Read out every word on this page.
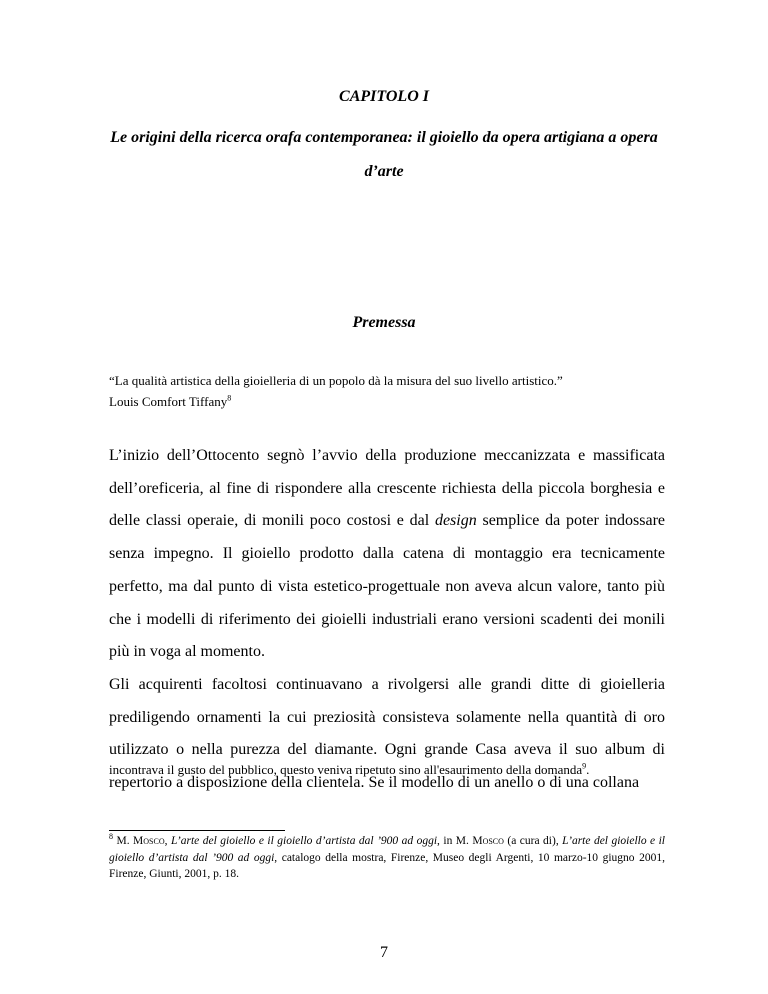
CAPITOLO I
Le origini della ricerca orafa contemporanea: il gioiello da opera artigiana a opera d’arte
Premessa
“La qualità artistica della gioielleria di un popolo dà la misura del suo livello artistico.”
Louis Comfort Tiffany$^8$

L’inizio dell’Ottocento segnò l’avvio della produzione meccanizzata e massificata dell’oreficeria, al fine di rispondere alla crescente richiesta della piccola borghesia e delle classi operaie, di monili poco costosi e dal design semplice da poter indossare senza impegno. Il gioiello prodotto dalla catena di montaggio era tecnicamente perfetto, ma dal punto di vista estetico-progettuale non aveva alcun valore, tanto più che i modelli di riferimento dei gioielli industriali erano versioni scadenti dei monili più in voga al momento.

Gli acquirenti facoltosi continuavano a rivolgersi alle grandi ditte di gioielleria prediligendo ornamenti la cui preziosità consisteva solamente nella quantità di oro utilizzato o nella purezza del diamante. Ogni grande Casa aveva il suo album di repertorio a disposizione della clientela. Se il modello di un anello o di una collana

incontrava il gusto del pubblico, questo veniva ripetuto sino all'esaurimento della domanda$^9$.
$^8$ M. Mosco, L’arte del gioiello e il gioiello d’artista dal ’900 ad oggi, in M. Mosco (a cura di), L’arte del gioiello e il gioiello d’artista dal ’900 ad oggi, catalogo della mostra, Firenze, Museo degli Argenti, 10 marzo-10 giugno 2001, Firenze, Giunti, 2001, p. 18.
7
